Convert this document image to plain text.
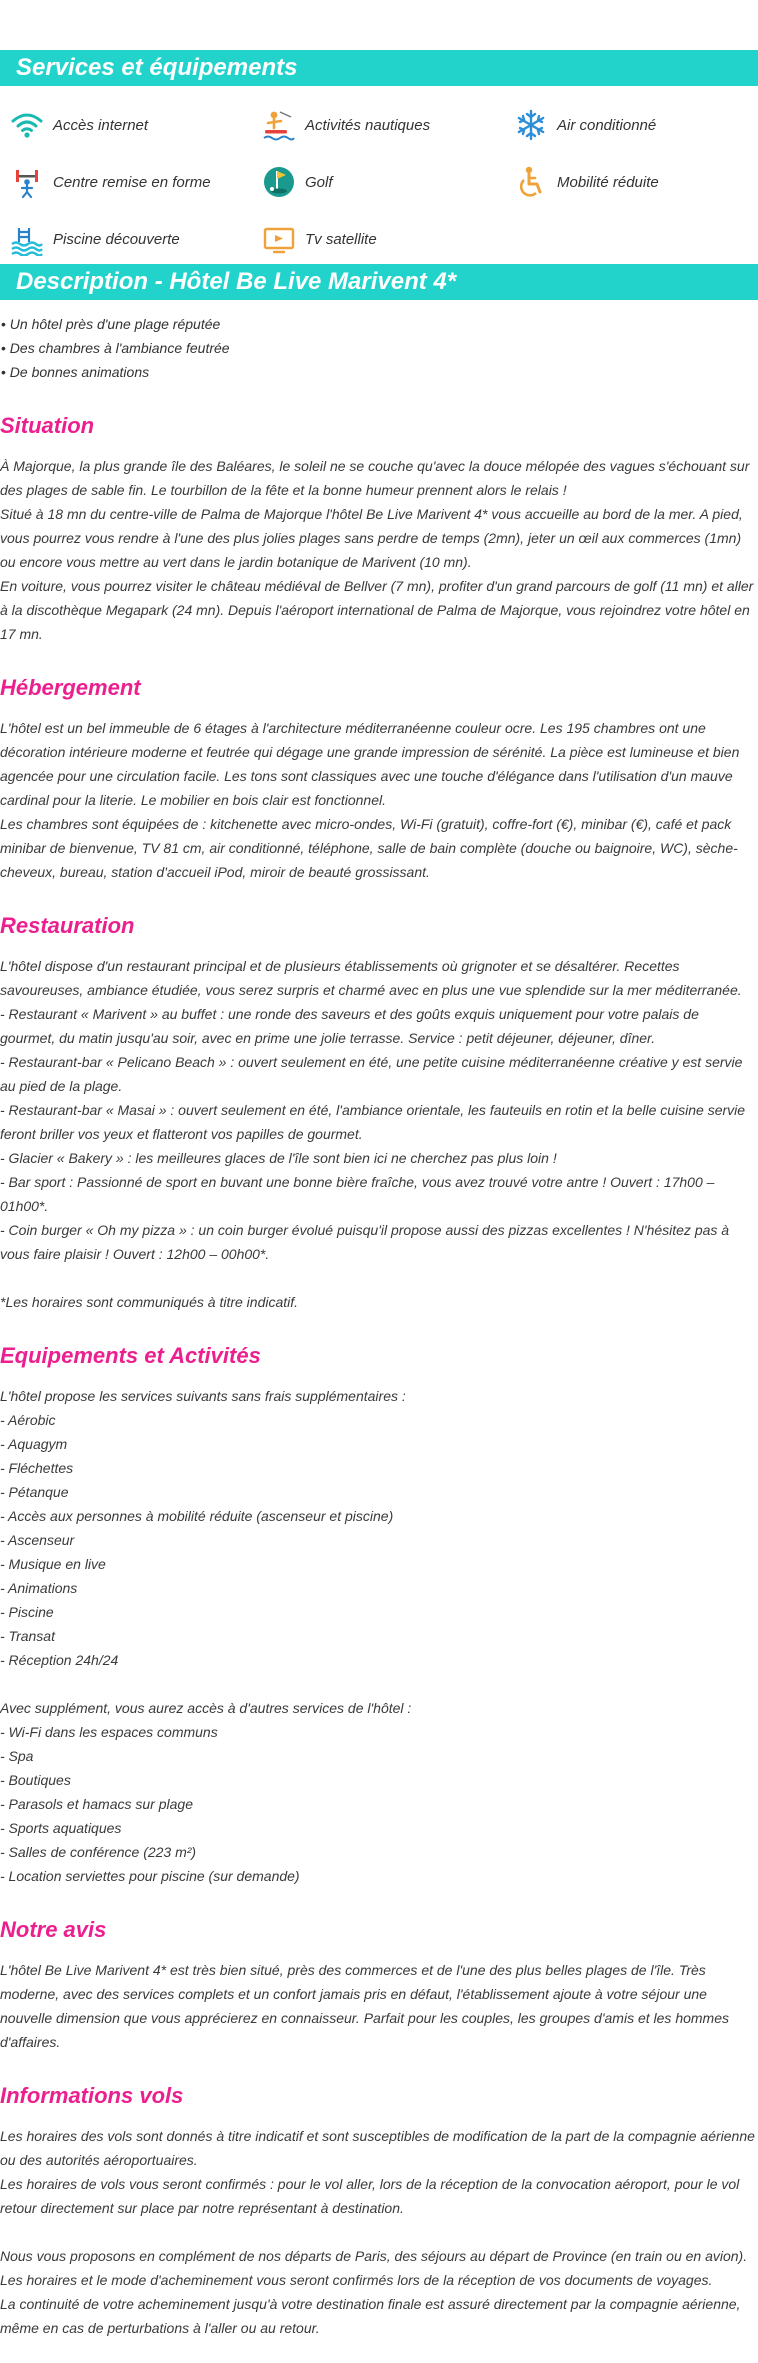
Services et équipements
Accès internet	Activités nautiques	Air conditionné
Centre remise en forme	Golf	Mobilité réduite
Piscine découverte	Tv satellite
Description - Hôtel Be Live Marivent 4*
• Un hôtel près d'une plage réputée
• Des chambres à l'ambiance feutrée
• De bonnes animations
Situation
À Majorque, la plus grande île des Baléares, le soleil ne se couche qu'avec la douce mélopée des vagues s'échouant sur des plages de sable fin. Le tourbillon de la fête et la bonne humeur prennent alors le relais !
Situé à 18 mn du centre-ville de Palma de Majorque l'hôtel Be Live Marivent 4* vous accueille au bord de la mer. A pied, vous pourrez vous rendre à l'une des plus jolies plages sans perdre de temps (2mn), jeter un œil aux commerces (1mn) ou encore vous mettre au vert dans le jardin botanique de Marivent (10 mn).
En voiture, vous pourrez visiter le château médiéval de Bellver (7 mn), profiter d'un grand parcours de golf (11 mn) et aller à la discothèque Megapark (24 mn). Depuis l'aéroport international de Palma de Majorque, vous rejoindrez votre hôtel en 17 mn.
Hébergement
L'hôtel est un bel immeuble de 6 étages à l'architecture méditerranéenne couleur ocre. Les 195 chambres ont une décoration intérieure moderne et feutrée qui dégage une grande impression de sérénité. La pièce est lumineuse et bien agencée pour une circulation facile. Les tons sont classiques avec une touche d'élégance dans l'utilisation d'un mauve cardinal pour la literie. Le mobilier en bois clair est fonctionnel.
Les chambres sont équipées de : kitchenette avec micro-ondes, Wi-Fi (gratuit), coffre-fort (€), minibar (€), café et pack minibar de bienvenue, TV 81 cm, air conditionné, téléphone, salle de bain complète (douche ou baignoire, WC), sèche-cheveux, bureau, station d'accueil iPod, miroir de beauté grossissant.
Restauration
L'hôtel dispose d'un restaurant principal et de plusieurs établissements où grignoter et se désaltérer. Recettes savoureuses, ambiance étudiée, vous serez surpris et charmé avec en plus une vue splendide sur la mer méditerranée.
- Restaurant « Marivent » au buffet : une ronde des saveurs et des goûts exquis uniquement pour votre palais de gourmet, du matin jusqu'au soir, avec en prime une jolie terrasse. Service : petit déjeuner, déjeuner, dîner.
- Restaurant-bar « Pelicano Beach » : ouvert seulement en été, une petite cuisine méditerranéenne créative y est servie au pied de la plage.
- Restaurant-bar « Masai » : ouvert seulement en été, l'ambiance orientale, les fauteuils en rotin et la belle cuisine servie feront briller vos yeux et flatteront vos papilles de gourmet.
- Glacier « Bakery » : les meilleures glaces de l'île sont bien ici ne cherchez pas plus loin !
- Bar sport : Passionné de sport en buvant une bonne bière fraîche, vous avez trouvé votre antre ! Ouvert : 17h00 – 01h00*.
- Coin burger « Oh my pizza » : un coin burger évolué puisqu'il propose aussi des pizzas excellentes ! N'hésitez pas à vous faire plaisir ! Ouvert : 12h00 – 00h00*.
*Les horaires sont communiqués à titre indicatif.
Equipements et Activités
L'hôtel propose les services suivants sans frais supplémentaires :
- Aérobic
- Aquagym
- Fléchettes
- Pétanque
- Accès aux personnes à mobilité réduite (ascenseur et piscine)
- Ascenseur
- Musique en live
- Animations
- Piscine
- Transat
- Réception 24h/24
Avec supplément, vous aurez accès à d'autres services de l'hôtel :
- Wi-Fi dans les espaces communs
- Spa
- Boutiques
- Parasols et hamacs sur plage
- Sports aquatiques
- Salles de conférence (223 m²)
- Location serviettes pour piscine (sur demande)
Notre avis
L'hôtel Be Live Marivent 4* est très bien situé, près des commerces et de l'une des plus belles plages de l'île. Très moderne, avec des services complets et un confort jamais pris en défaut, l'établissement ajoute à votre séjour une nouvelle dimension que vous apprécierez en connaisseur. Parfait pour les couples, les groupes d'amis et les hommes d'affaires.
Informations vols
Les horaires des vols sont donnés à titre indicatif et sont susceptibles de modification de la part de la compagnie aérienne ou des autorités aéroportuaires.
Les horaires de vols vous seront confirmés : pour le vol aller, lors de la réception de la convocation aéroport, pour le vol retour directement sur place par notre représentant à destination.
Nous vous proposons en complément de nos départs de Paris, des séjours au départ de Province (en train ou en avion).
Les horaires et le mode d'acheminement vous seront confirmés lors de la réception de vos documents de voyages.
La continuité de votre acheminement jusqu'à votre destination finale est assuré directement par la compagnie aérienne, même en cas de perturbations à l'aller ou au retour.
